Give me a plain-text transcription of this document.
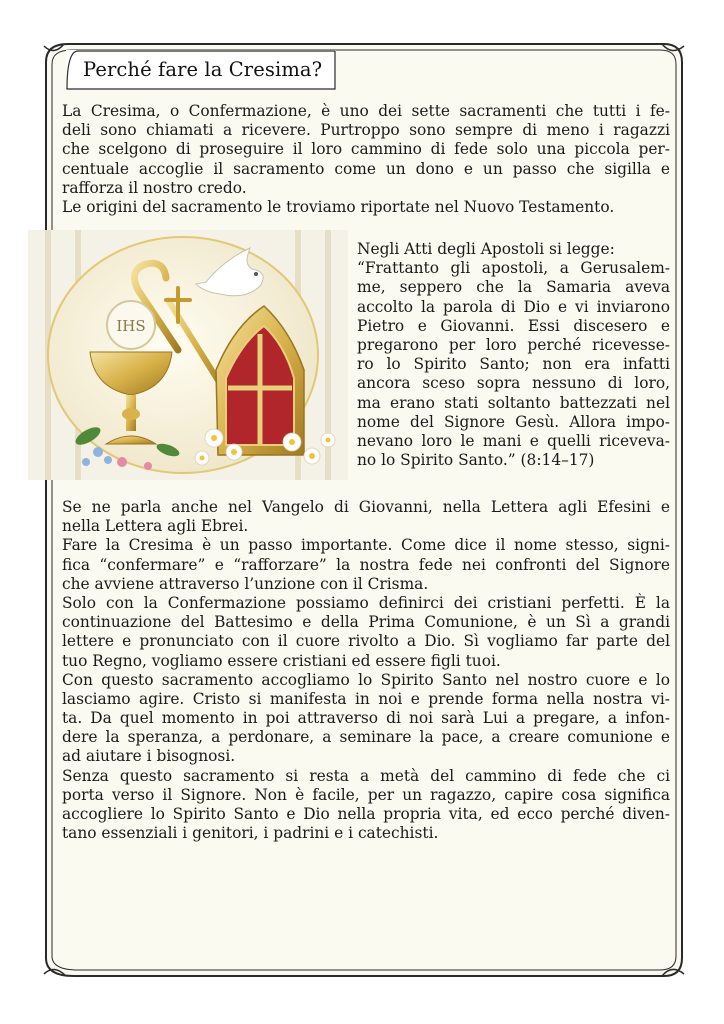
Perché fare la Cresima?
La Cresima, o Confermazione, è uno dei sette sacramenti che tutti i fe-
deli sono chiamati a ricevere. Purtroppo sono sempre di meno i ragazzi
che scelgono di proseguire il loro cammino di fede solo una piccola per-
centuale accoglie il sacramento come un dono e un passo che sigilla e
rafforza il nostro credo.
Le origini del sacramento le troviamo riportate nel Nuovo Testamento.
IHS
Negli Atti degli Apostoli si legge:
“Frattanto gli apostoli, a Gerusalem-
me, seppero che la Samaria aveva
accolto la parola di Dio e vi inviarono
Pietro e Giovanni. Essi discesero e
pregarono per loro perché ricevesse-
ro lo Spirito Santo; non era infatti
ancora sceso sopra nessuno di loro,
ma erano stati soltanto battezzati nel
nome del Signore Gesù. Allora impo-
nevano loro le mani e quelli riceveva-
no lo Spirito Santo.” (8:14–17)
Se ne parla anche nel Vangelo di Giovanni, nella Lettera agli Efesini e
nella Lettera agli Ebrei.
Fare la Cresima è un passo importante. Come dice il nome stesso, signi-
fica “confermare” e “rafforzare” la nostra fede nei confronti del Signore
che avviene attraverso l’unzione con il Crisma.
Solo con la Confermazione possiamo definirci dei cristiani perfetti. È la
continuazione del Battesimo e della Prima Comunione, è un Sì a grandi
lettere e pronunciato con il cuore rivolto a Dio. Sì vogliamo far parte del
tuo Regno, vogliamo essere cristiani ed essere figli tuoi.
Con questo sacramento accogliamo lo Spirito Santo nel nostro cuore e lo
lasciamo agire. Cristo si manifesta in noi e prende forma nella nostra vi-
ta. Da quel momento in poi attraverso di noi sarà Lui a pregare, a infon-
dere la speranza, a perdonare, a seminare la pace, a creare comunione e
ad aiutare i bisognosi.
Senza questo sacramento si resta a metà del cammino di fede che ci
porta verso il Signore. Non è facile, per un ragazzo, capire cosa significa
accogliere lo Spirito Santo e Dio nella propria vita, ed ecco perché diven-
tano essenziali i genitori, i padrini e i catechisti.
